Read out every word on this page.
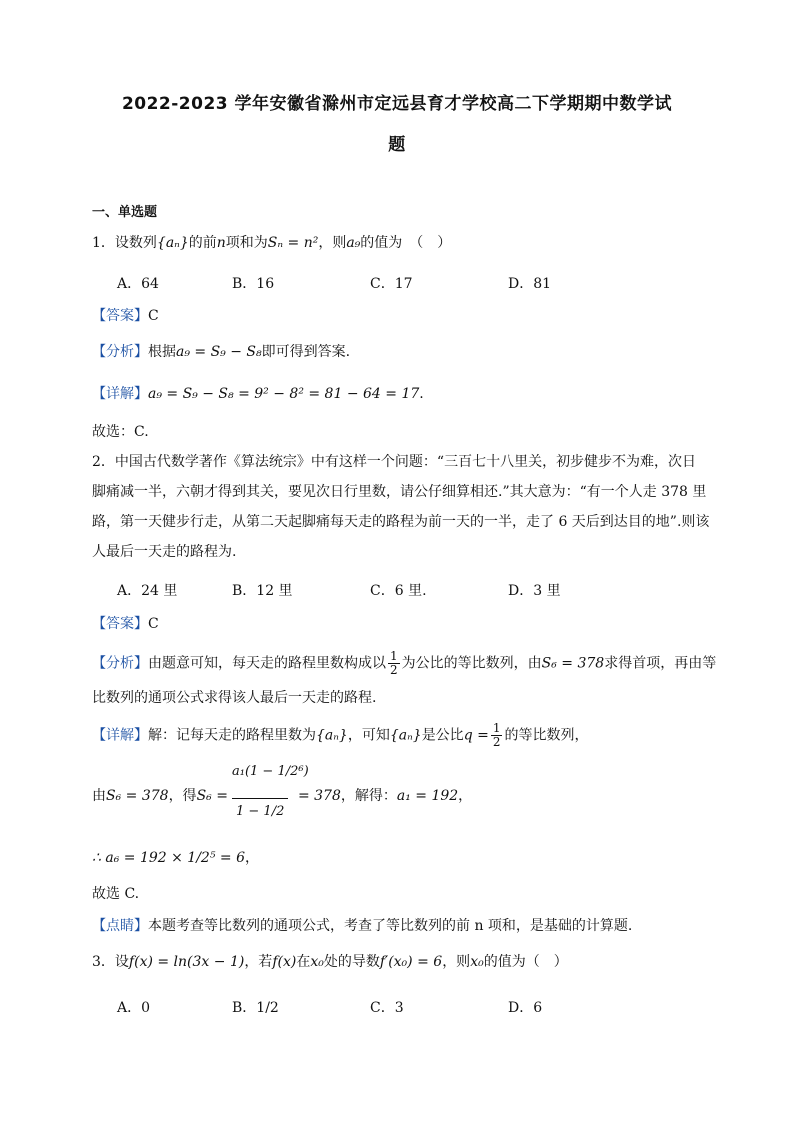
2022-2023 学年安徽省滁州市定远县育才学校高二下学期期中数学试
题
一、单选题
1．设数列{aₙ}的前n项和为Sₙ = n²，则a₉的值为　（　）
A．64	B．16	C．17	D．81
【答案】C
【分析】根据a₉ = S₉ − S₈即可得到答案.
【详解】a₉ = S₉ − S₈ = 9² − 8² = 81 − 64 = 17.
故选：C.
2．中国古代数学著作《算法统宗》中有这样一个问题：“三百七十八里关，初步健步不为难，次日
脚痛减一半，六朝才得到其关，要见次日行里数，请公仔细算相还.”其大意为：“有一个人走 378 里
路，第一天健步行走，从第二天起脚痛每天走的路程为前一天的一半，走了 6 天后到达目的地”.则该
人最后一天走的路程为.
A．24 里	B．12 里	C．6 里.	D．3 里
【答案】C
【分析】由题意可知，每天走的路程里数构成以 $\frac{1}{2}$ 为公比的等比数列，由S₆ = 378求得首项，再由等
比数列的通项公式求得该人最后一天走的路程.
【详解】解：记每天走的路程里数为{aₙ}，可知{aₙ}是公比$q = \frac{1}{2}$ 的等比数列，
由S₆ = 378，得S₆ =	= 378，解得：a₁ = 192，
a₁(1 − 1/2⁶)
1 − 1/2
∴ a₆ = 192 × 1/2⁵ = 6，
故选 C.
【点睛】本题考查等比数列的通项公式，考查了等比数列的前 n 项和，是基础的计算题.
3．设f(x) = ln(3x − 1)，若f(x)在x₀处的导数f′(x₀) = 6，则x₀的值为（　）
A．0	B．1/2	C．3	D．6
